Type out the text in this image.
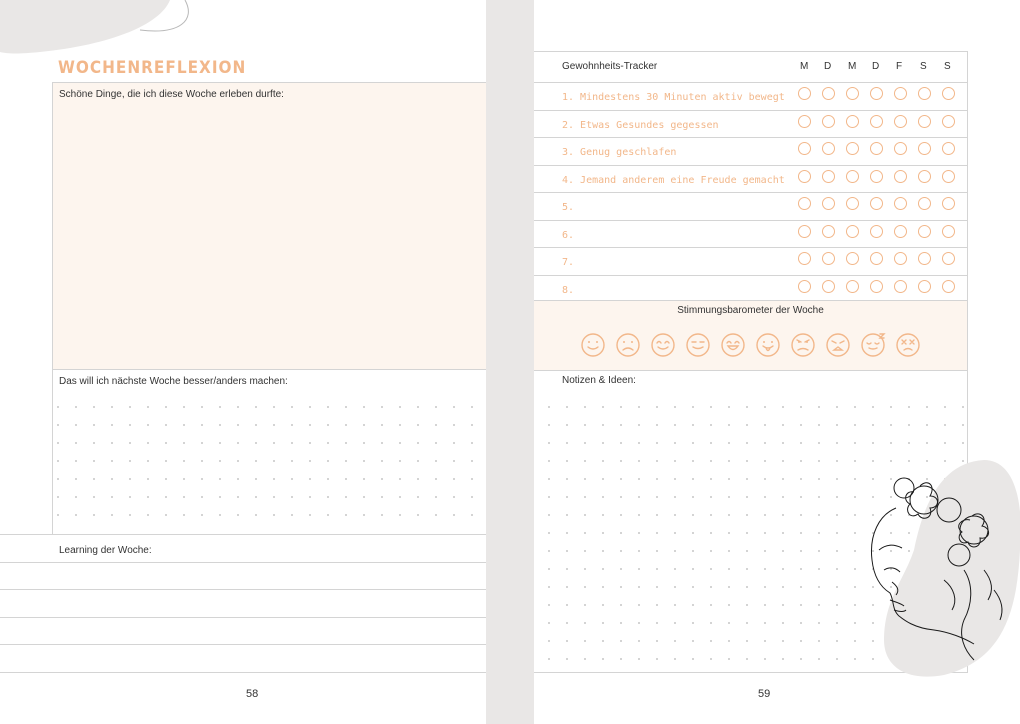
WOCHENREFLEXION
Schöne Dinge, die ich diese Woche erleben durfte:
Das will ich nächste Woche besser/anders machen:
Learning der Woche:
58
Gewohnheits-Tracker	M D M D F S S
1. Mindestens 30 Minuten aktiv bewegt
2. Etwas Gesundes gegessen
3. Genug geschlafen
4. Jemand anderem eine Freude gemacht
5.
6.
7.
8.
Stimmungsbarometer der Woche
Notizen & Ideen:
59
